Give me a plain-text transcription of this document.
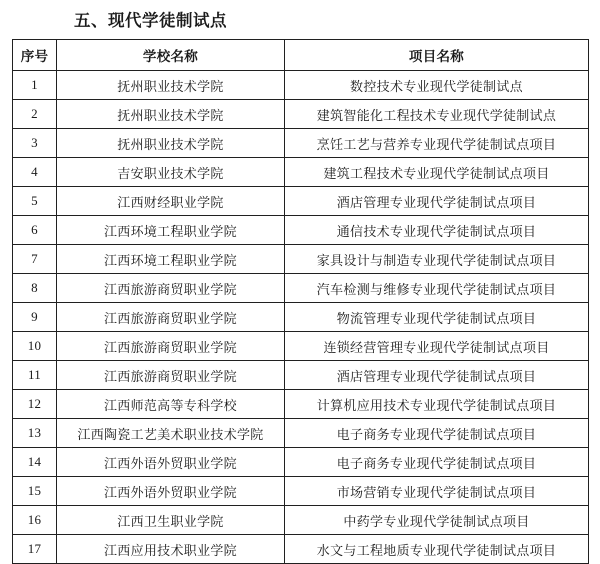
五、现代学徒制试点
序号	学校名称	项目名称
1	抚州职业技术学院	数控技术专业现代学徒制试点
2	抚州职业技术学院	建筑智能化工程技术专业现代学徒制试点
3	抚州职业技术学院	烹饪工艺与营养专业现代学徒制试点项目
4	吉安职业技术学院	建筑工程技术专业现代学徒制试点项目
5	江西财经职业学院	酒店管理专业现代学徒制试点项目
6	江西环境工程职业学院	通信技术专业现代学徒制试点项目
7	江西环境工程职业学院	家具设计与制造专业现代学徒制试点项目
8	江西旅游商贸职业学院	汽车检测与维修专业现代学徒制试点项目
9	江西旅游商贸职业学院	物流管理专业现代学徒制试点项目
10	江西旅游商贸职业学院	连锁经营管理专业现代学徒制试点项目
11	江西旅游商贸职业学院	酒店管理专业现代学徒制试点项目
12	江西师范高等专科学校	计算机应用技术专业现代学徒制试点项目
13	江西陶瓷工艺美术职业技术学院	电子商务专业现代学徒制试点项目
14	江西外语外贸职业学院	电子商务专业现代学徒制试点项目
15	江西外语外贸职业学院	市场营销专业现代学徒制试点项目
16	江西卫生职业学院	中药学专业现代学徒制试点项目
17	江西应用技术职业学院	水文与工程地质专业现代学徒制试点项目
